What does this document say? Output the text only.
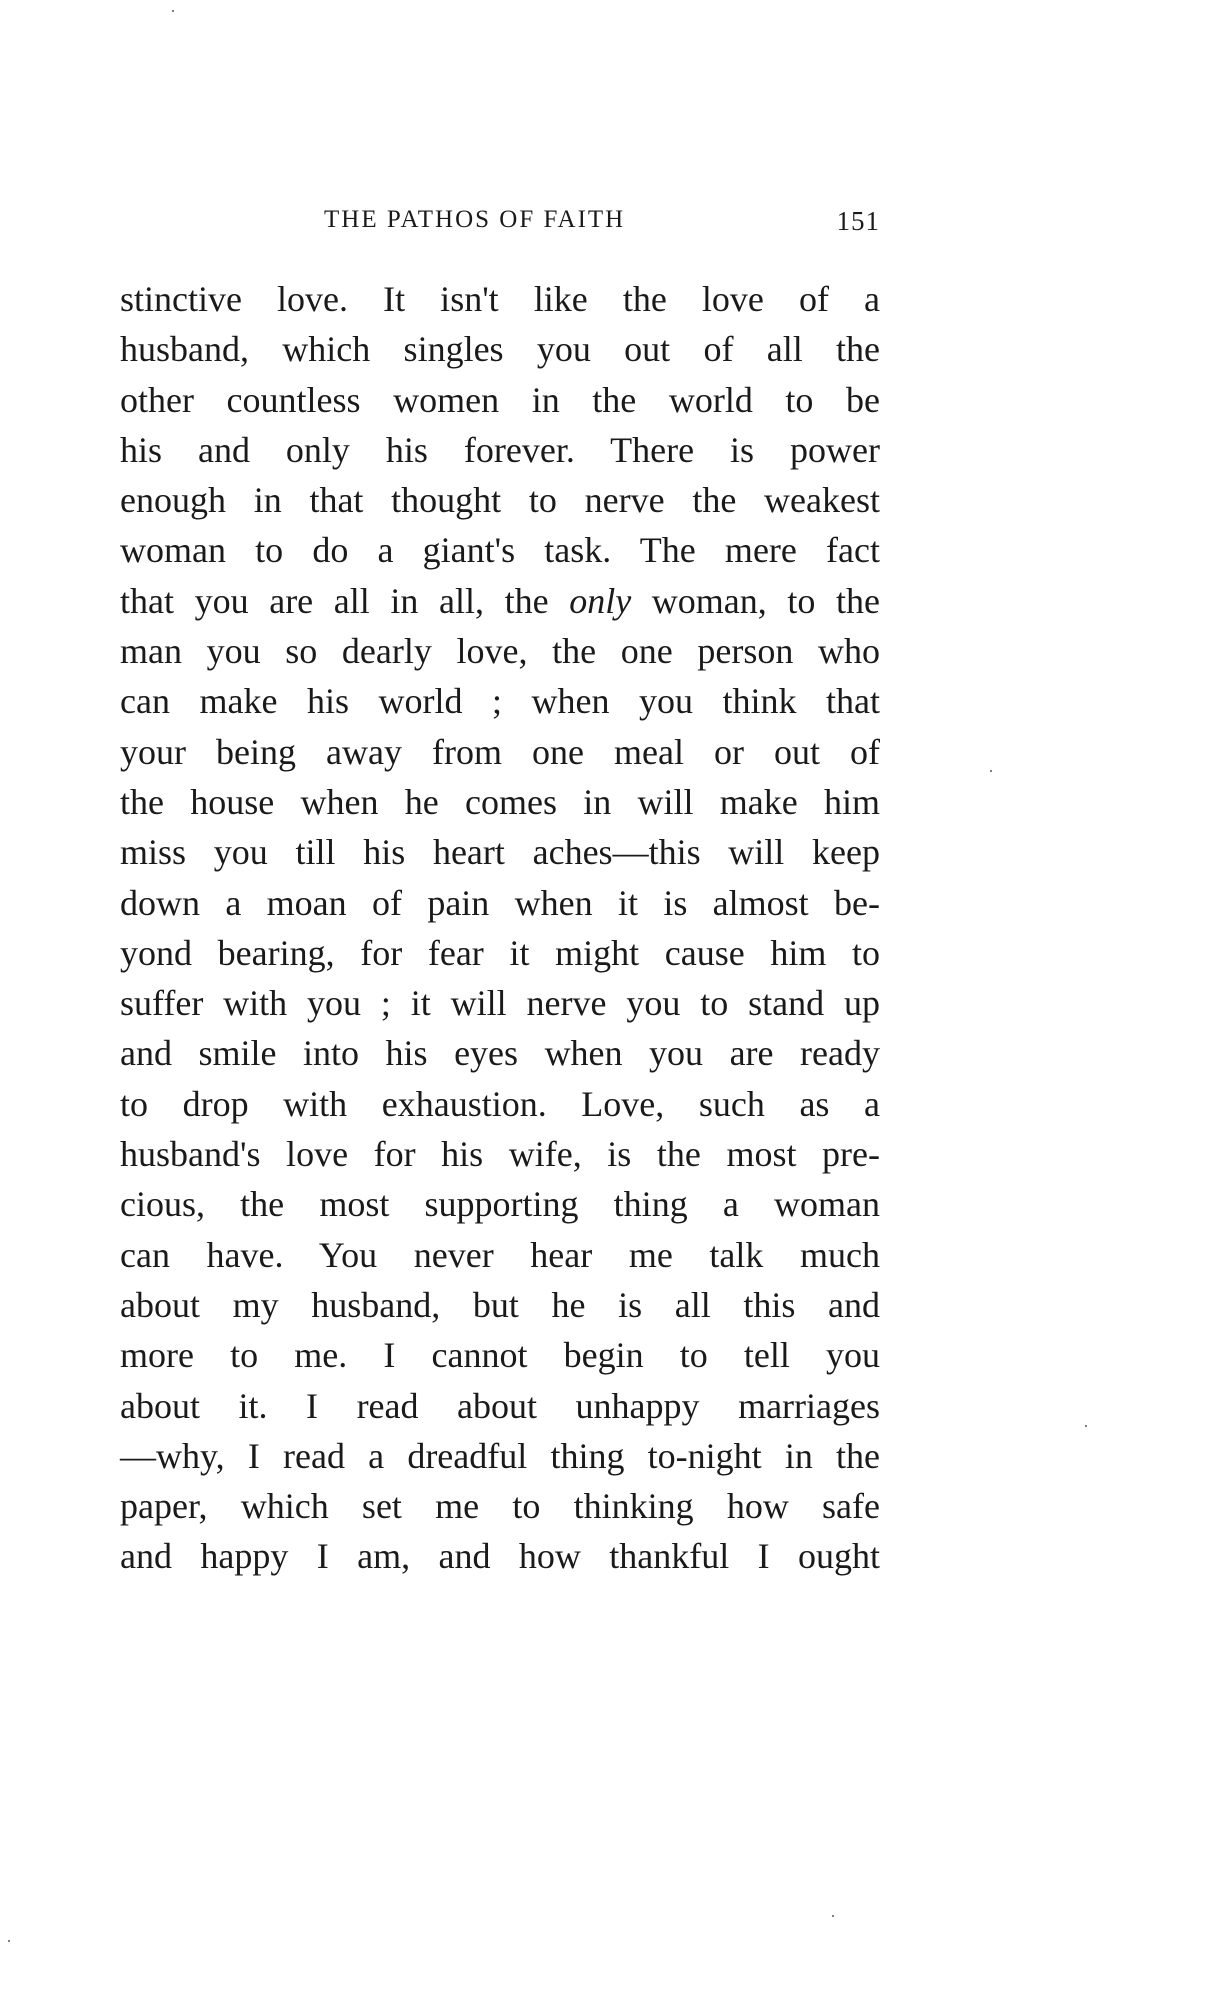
THE PATHOS OF FAITH	151
stinctive love. It isn't like the love of a
husband, which singles you out of all the
other countless women in the world to be
his and only his forever. There is power
enough in that thought to nerve the weakest
woman to do a giant's task. The mere fact
that you are all in all, the only woman, to the
man you so dearly love, the one person who
can make his world ; when you think that
your being away from one meal or out of
the house when he comes in will make him
miss you till his heart aches—this will keep
down a moan of pain when it is almost be-
yond bearing, for fear it might cause him to
suffer with you ; it will nerve you to stand up
and smile into his eyes when you are ready
to drop with exhaustion. Love, such as a
husband's love for his wife, is the most pre-
cious, the most supporting thing a woman
can have. You never hear me talk much
about my husband, but he is all this and
more to me. I cannot begin to tell you
about it. I read about unhappy marriages
—why, I read a dreadful thing to-night in the
paper, which set me to thinking how safe
and happy I am, and how thankful I ought
